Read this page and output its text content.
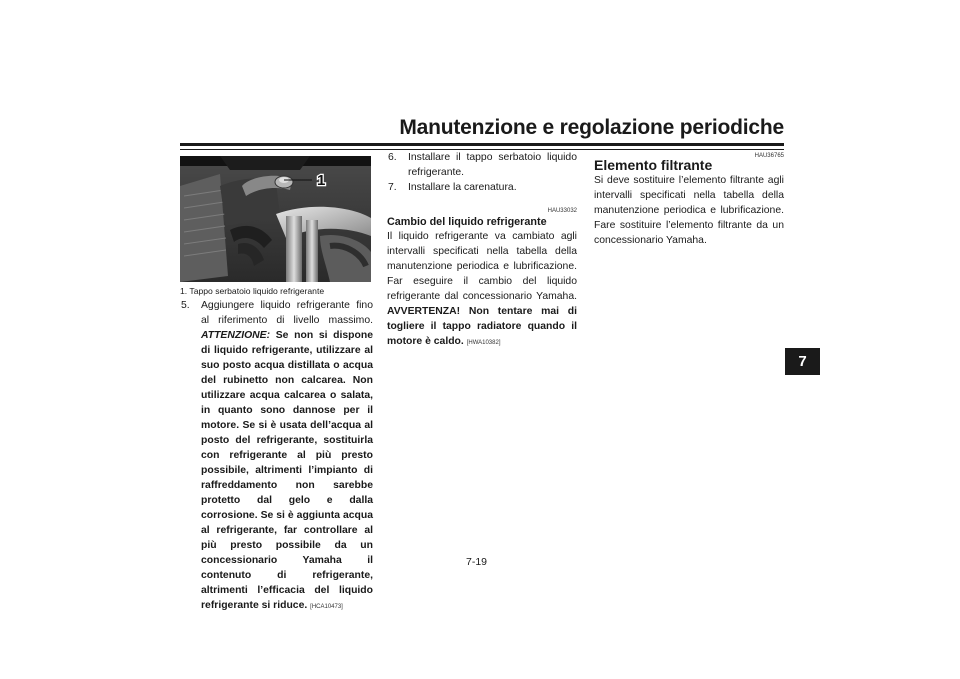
Manutenzione e regolazione periodiche
7
1
1. Tappo serbatoio liquido refrigerante
5.	Aggiungere liquido refrigerante fino al riferimento di livello massimo. ATTENZIONE: Se non si dispone di liquido refrigerante, utilizzare al suo posto acqua distillata o acqua del rubinetto non calcarea. Non utilizzare acqua calcarea o salata, in quanto sono dannose per il motore. Se si è usata dell’acqua al posto del refrigerante, sostituirla con refrigerante al più presto possibile, altrimenti l’impianto di raffreddamento non sarebbe protetto dal gelo e dalla corrosione. Se si è aggiunta acqua al refrigerante, far controllare al più presto possibile da un concessionario Yamaha il contenuto di refrigerante, altrimenti l’efficacia del liquido refrigerante si riduce. [HCA10473]
6.	Installare il tappo serbatoio liquido refrigerante.
7.	Installare la carenatura.
HAU33032
Cambio del liquido refrigerante
Il liquido refrigerante va cambiato agli intervalli specificati nella tabella della manutenzione periodica e lubrificazione. Far eseguire il cambio del liquido refrigerante dal concessionario Yamaha. AVVERTENZA! Non tentare mai di togliere il tappo radiatore quando il motore è caldo. [HWA10382]
HAU36765
Elemento filtrante
Si deve sostituire l’elemento filtrante agli intervalli specificati nella tabella della manutenzione periodica e lubrificazione. Fare sostituire l’elemento filtrante da un concessionario Yamaha.
7-19
